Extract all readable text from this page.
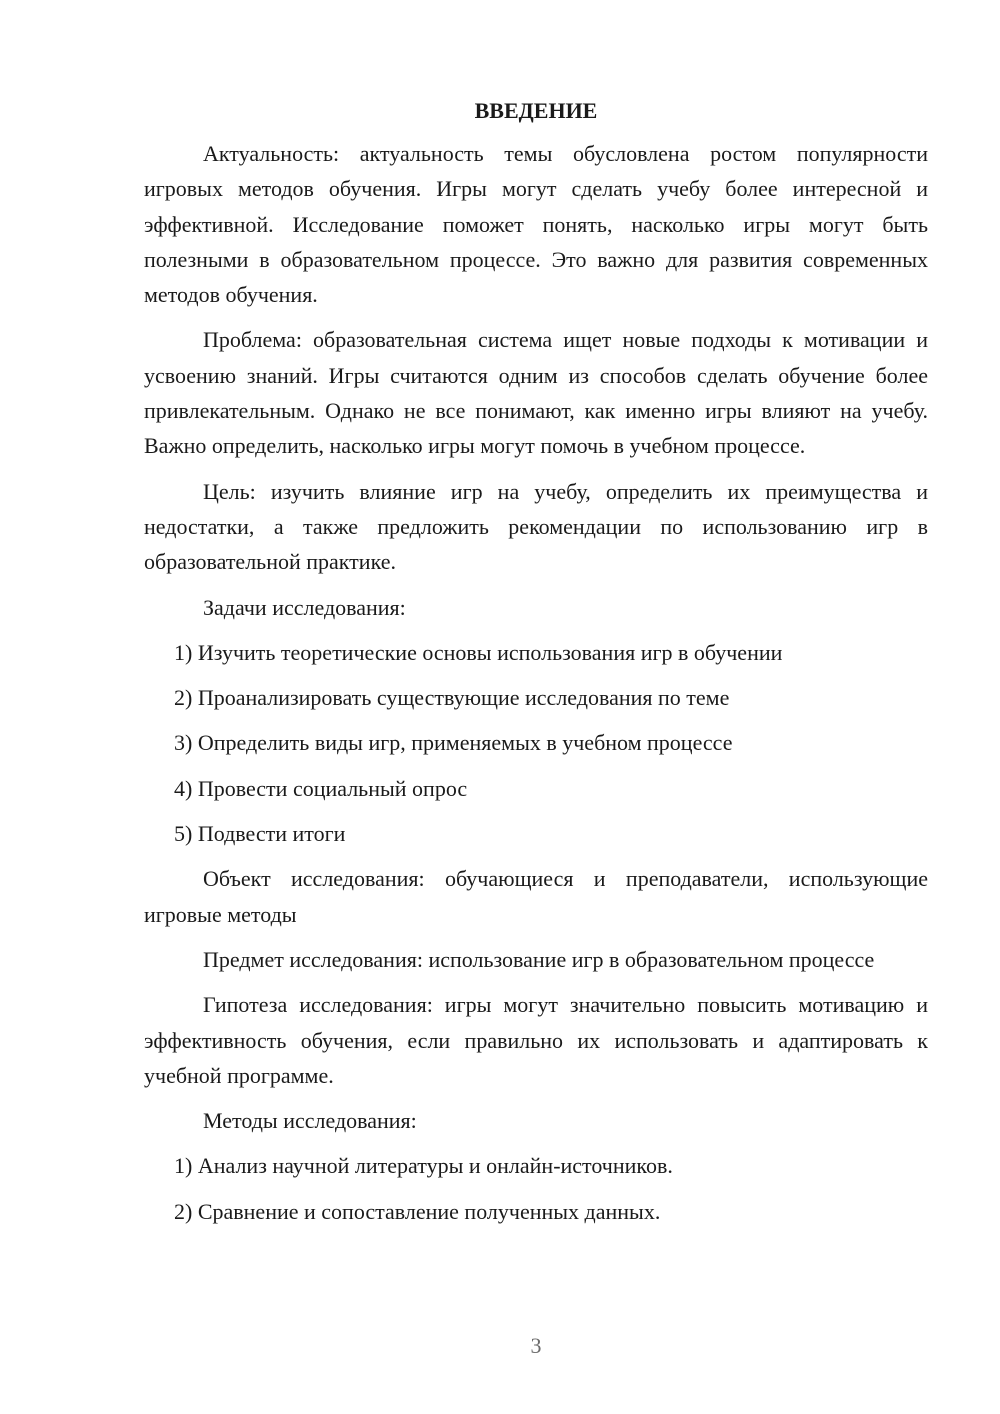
ВВЕДЕНИЕ

Актуальность: актуальность темы обусловлена ростом популярности игровых методов обучения. Игры могут сделать учебу более интересной и эффективной. Исследование поможет понять, насколько игры могут быть полезными в образовательном процессе. Это важно для развития современных методов обучения.

Проблема: образовательная система ищет новые подходы к мотивации и усвоению знаний. Игры считаются одним из способов сделать обучение более привлекательным. Однако не все понимают, как именно игры влияют на учебу. Важно определить, насколько игры могут помочь в учебном процессе.

Цель: изучить влияние игр на учебу, определить их преимущества и недостатки, а также предложить рекомендации по использованию игр в образовательной практике.

Задачи исследования:

1) Изучить теоретические основы использования игр в обучении
2) Проанализировать существующие исследования по теме
3) Определить виды игр, применяемых в учебном процессе
4) Провести социальный опрос
5) Подвести итоги

Объект исследования: обучающиеся и преподаватели, использующие игровые методы

Предмет исследования: использование игр в образовательном процессе

Гипотеза исследования: игры могут значительно повысить мотивацию и эффективность обучения, если правильно их использовать и адаптировать к учебной программе.

Методы исследования:

1) Анализ научной литературы и онлайн-источников.
2) Сравнение и сопоставление полученных данных.
3
